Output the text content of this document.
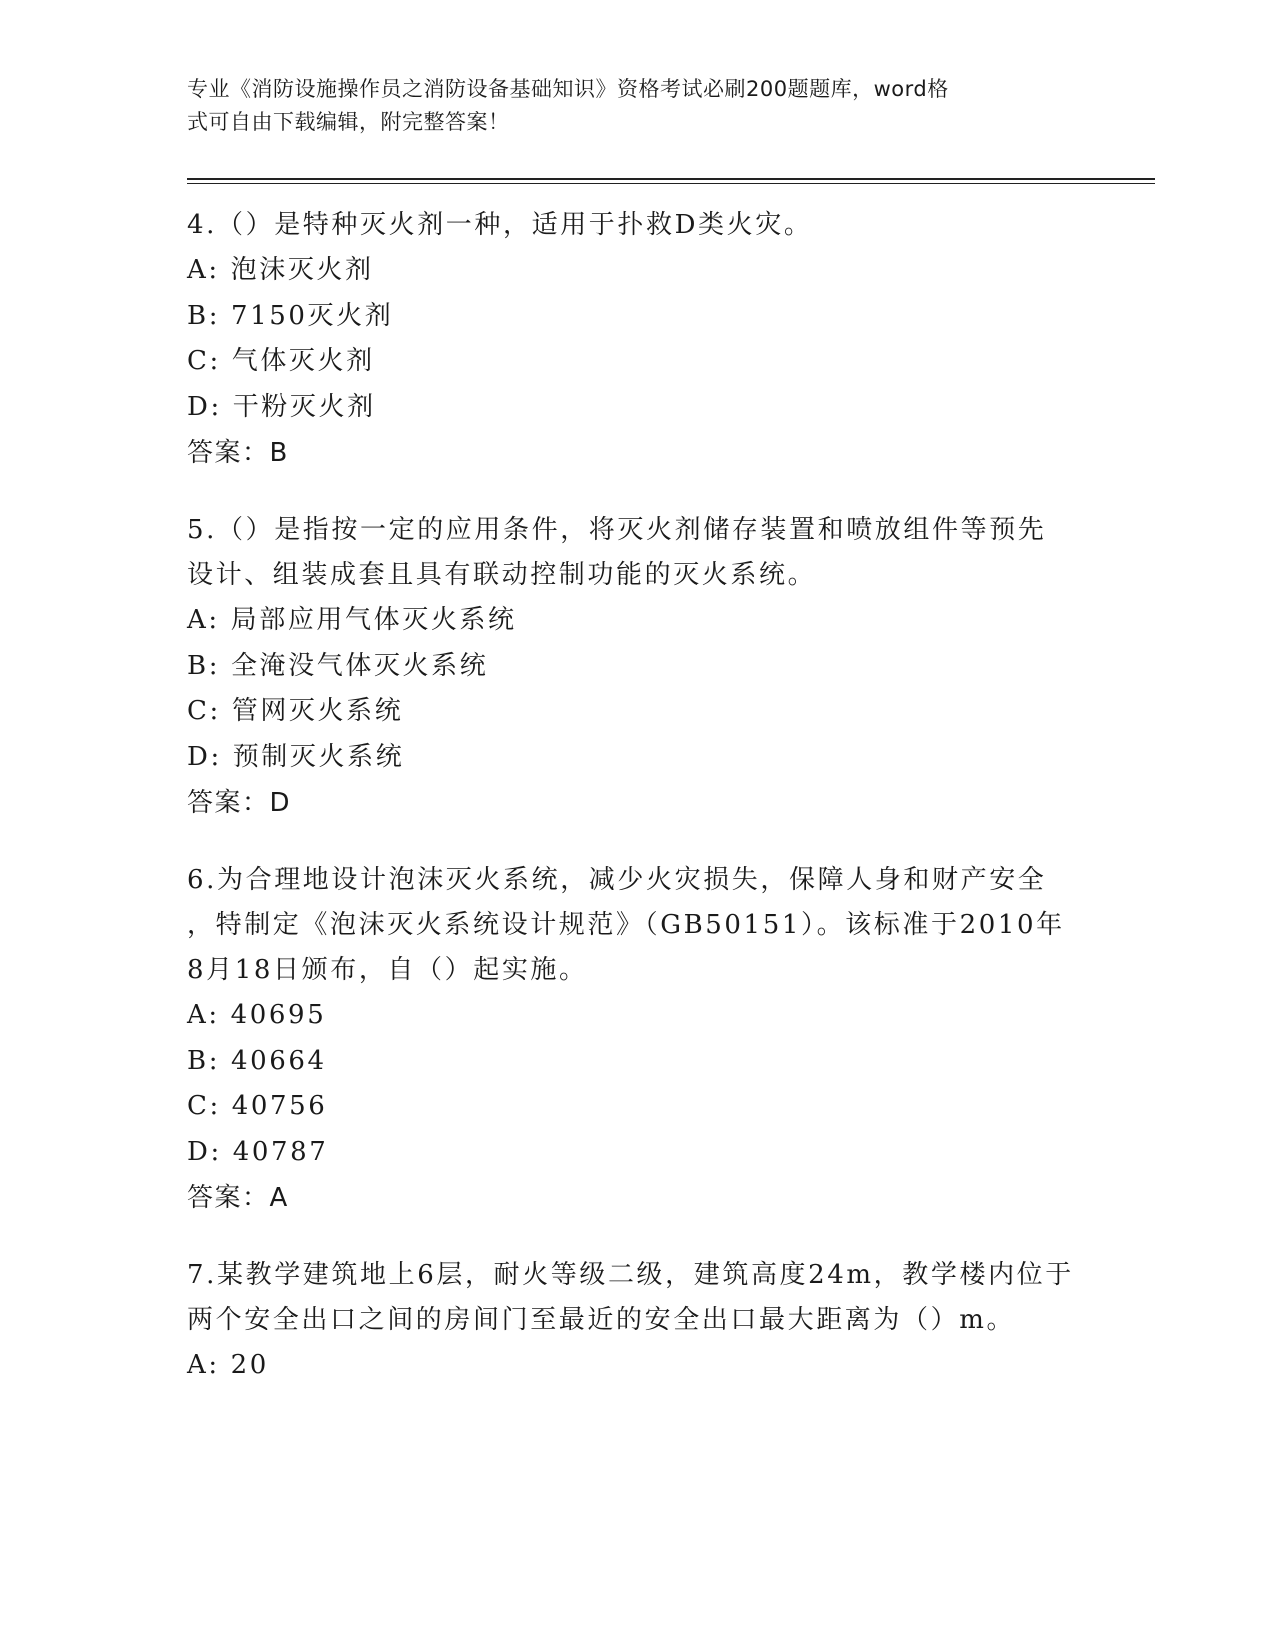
专业《消防设施操作员之消防设备基础知识》资格考试必刷200题题库，word格
式可自由下载编辑，附完整答案！
4.（）是特种灭火剂一种，适用于扑救D类火灾。
A: 泡沫灭火剂
B: 7150灭火剂
C: 气体灭火剂
D: 干粉灭火剂
答案：B
5.（）是指按一定的应用条件，将灭火剂储存装置和喷放组件等预先
设计、组装成套且具有联动控制功能的灭火系统。
A: 局部应用气体灭火系统
B: 全淹没气体灭火系统
C: 管网灭火系统
D: 预制灭火系统
答案：D
6.为合理地设计泡沫灭火系统，减少火灾损失，保障人身和财产安全
，特制定《泡沫灭火系统设计规范》（GB50151）。该标准于2010年
8月18日颁布，自（）起实施。
A: 40695
B: 40664
C: 40756
D: 40787
答案：A
7.某教学建筑地上6层，耐火等级二级，建筑高度24m，教学楼内位于
两个安全出口之间的房间门至最近的安全出口最大距离为（）m。
A: 20
